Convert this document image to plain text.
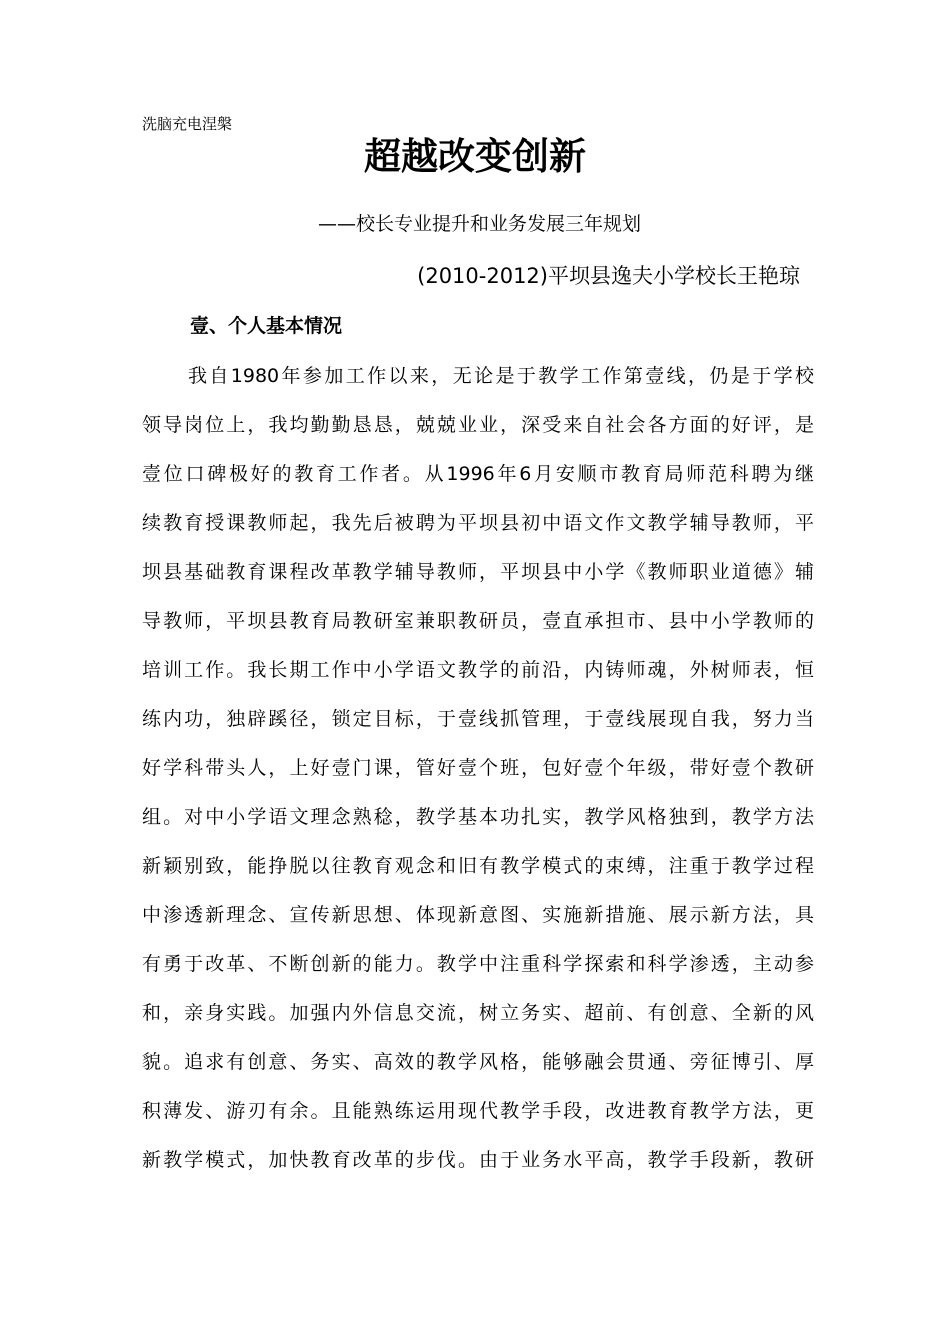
洗脑充电涅槃
超越改变创新
——校长专业提升和业务发展三年规划
(2010-2012)平坝县逸夫小学校长王艳琼
壹、个人基本情况
我自1980年参加工作以来，无论是于教学工作第壹线，仍是于学校
领导岗位上，我均勤勤恳恳，兢兢业业，深受来自社会各方面的好评，是
壹位口碑极好的教育工作者。从1996年6月安顺市教育局师范科聘为继
续教育授课教师起，我先后被聘为平坝县初中语文作文教学辅导教师，平
坝县基础教育课程改革教学辅导教师，平坝县中小学《教师职业道德》辅
导教师，平坝县教育局教研室兼职教研员，壹直承担市、县中小学教师的
培训工作。我长期工作中小学语文教学的前沿，内铸师魂，外树师表，恒
练内功，独辟蹊径，锁定目标，于壹线抓管理，于壹线展现自我，努力当
好学科带头人，上好壹门课，管好壹个班，包好壹个年级，带好壹个教研
组。对中小学语文理念熟稔，教学基本功扎实，教学风格独到，教学方法
新颖别致，能挣脱以往教育观念和旧有教学模式的束缚，注重于教学过程
中渗透新理念、宣传新思想、体现新意图、实施新措施、展示新方法，具
有勇于改革、不断创新的能力。教学中注重科学探索和科学渗透，主动参
和，亲身实践。加强内外信息交流，树立务实、超前、有创意、全新的风
貌。追求有创意、务实、高效的教学风格，能够融会贯通、旁征博引、厚
积薄发、游刃有余。且能熟练运用现代教学手段，改进教育教学方法，更
新教学模式，加快教育改革的步伐。由于业务水平高，教学手段新，教研
